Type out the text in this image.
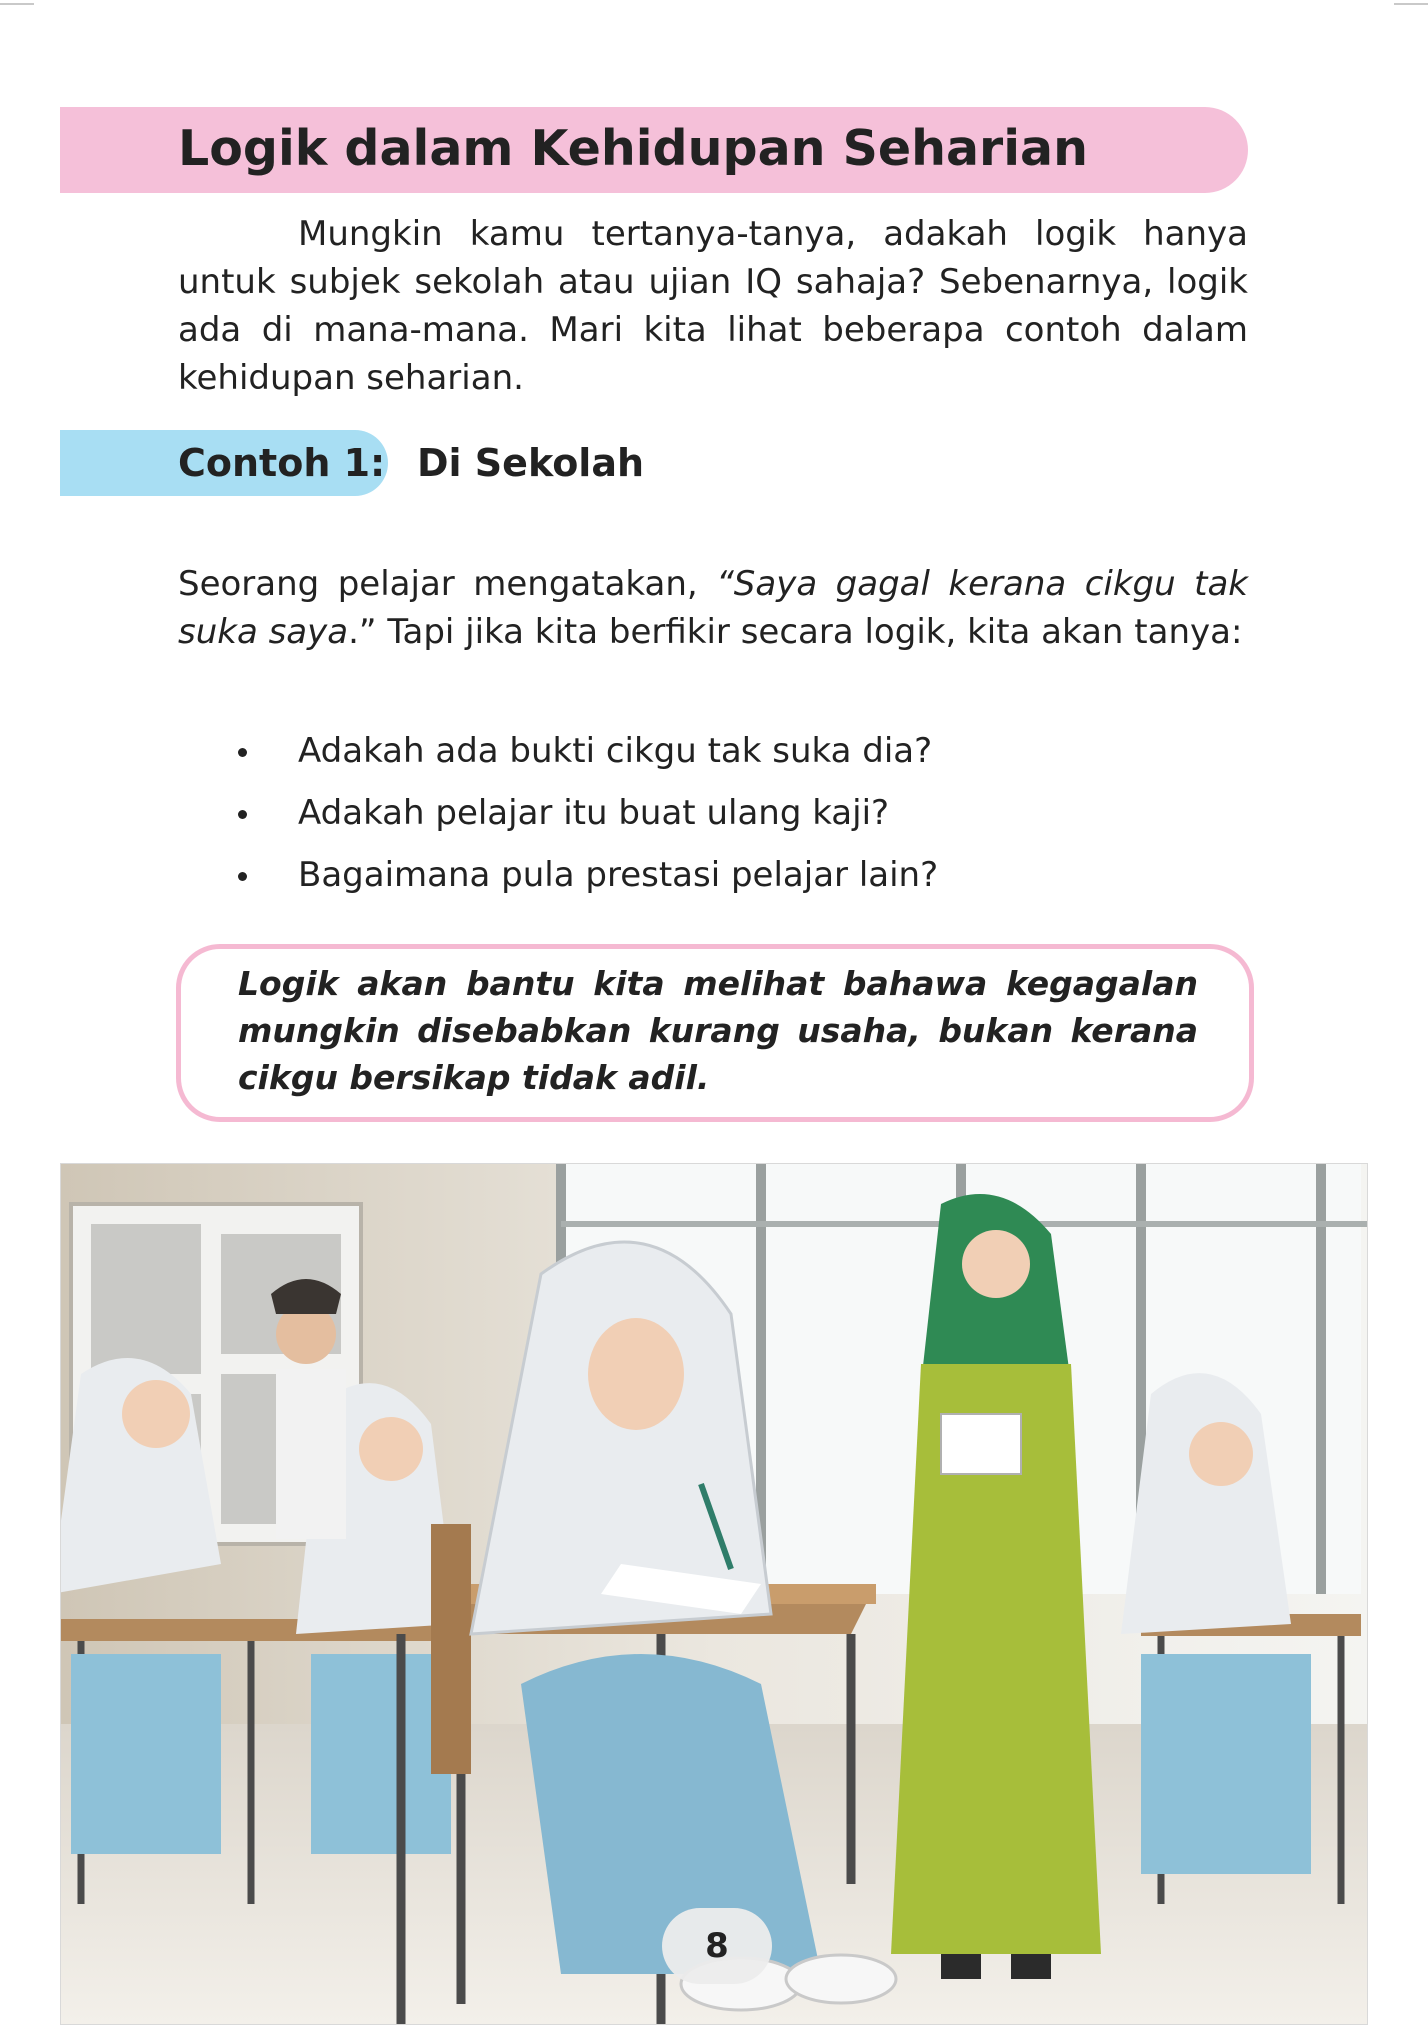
Logik dalam Kehidupan Seharian

Mungkin kamu tertanya-tanya, adakah logik hanya untuk subjek sekolah atau ujian IQ sahaja? Sebenarnya, logik ada di mana-mana. Mari kita lihat beberapa contoh dalam kehidupan seharian.

Contoh 1: Di Sekolah

Seorang pelajar mengatakan, “Saya gagal kerana cikgu tak suka saya.” Tapi jika kita berfikir secara logik, kita akan tanya:

Adakah ada bukti cikgu tak suka dia?
Adakah pelajar itu buat ulang kaji?
Bagaimana pula prestasi pelajar lain?

Logik akan bantu kita melihat bahawa kegagalan mungkin disebabkan kurang usaha, bukan kerana cikgu bersikap tidak adil.

8
